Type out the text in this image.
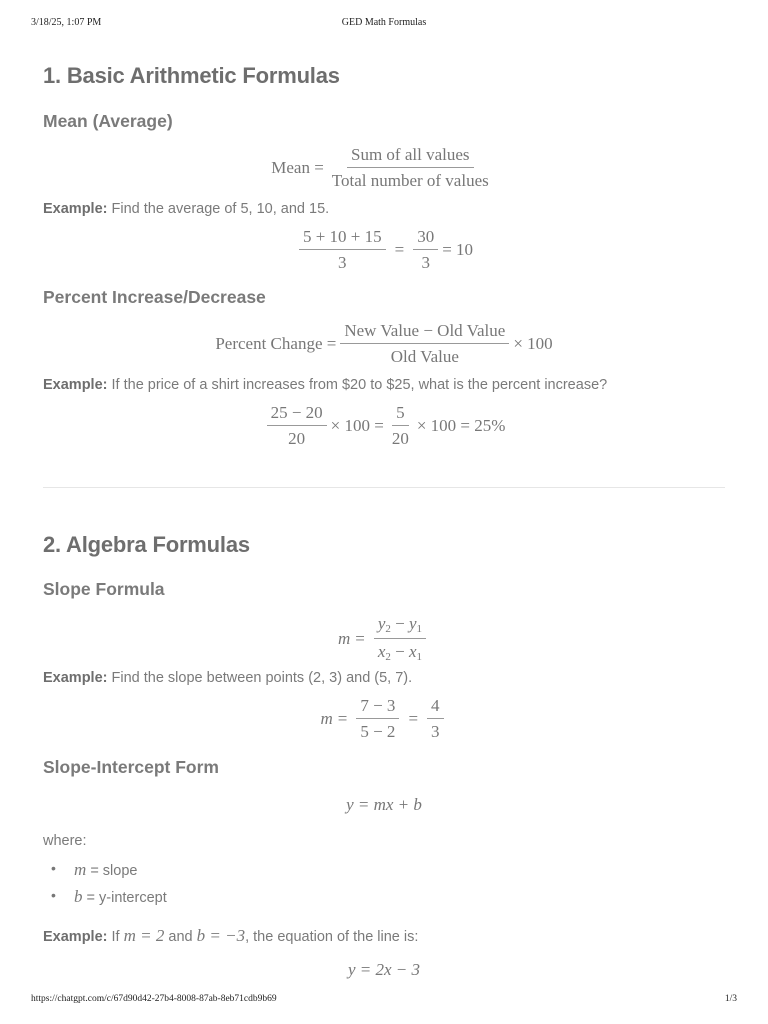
3/18/25, 1:07 PM	GED Math Formulas
1. Basic Arithmetic Formulas
Mean (Average)
Mean = $\frac{\text{Sum of all values}}{\text{Total number of values}}$
Example: Find the average of 5, 10, and 15.
$\frac{5 + 10 + 15}{3} = \frac{30}{3} = 10$
Percent Increase/Decrease
Percent Change = $\frac{\text{New Value − Old Value}}{\text{Old Value}} \times 100$
Example: If the price of a shirt increases from $20 to $25, what is the percent increase?
$\frac{25 - 20}{20} \times 100 = \frac{5}{20} \times 100 = 25\%$
2. Algebra Formulas
Slope Formula
$m = \frac{y_2 - y_1}{x_2 - x_1}$
Example: Find the slope between points (2, 3) and (5, 7).
$m = \frac{7 - 3}{5 - 2} = \frac{4}{3}$
Slope-Intercept Form
y = mx + b
where:
• m = slope
• b = y-intercept
Example: If m = 2 and b = −3, the equation of the line is:
y = 2x − 3
https://chatgpt.com/c/67d90d42-27b4-8008-87ab-8eb71cdb9b69	1/3
